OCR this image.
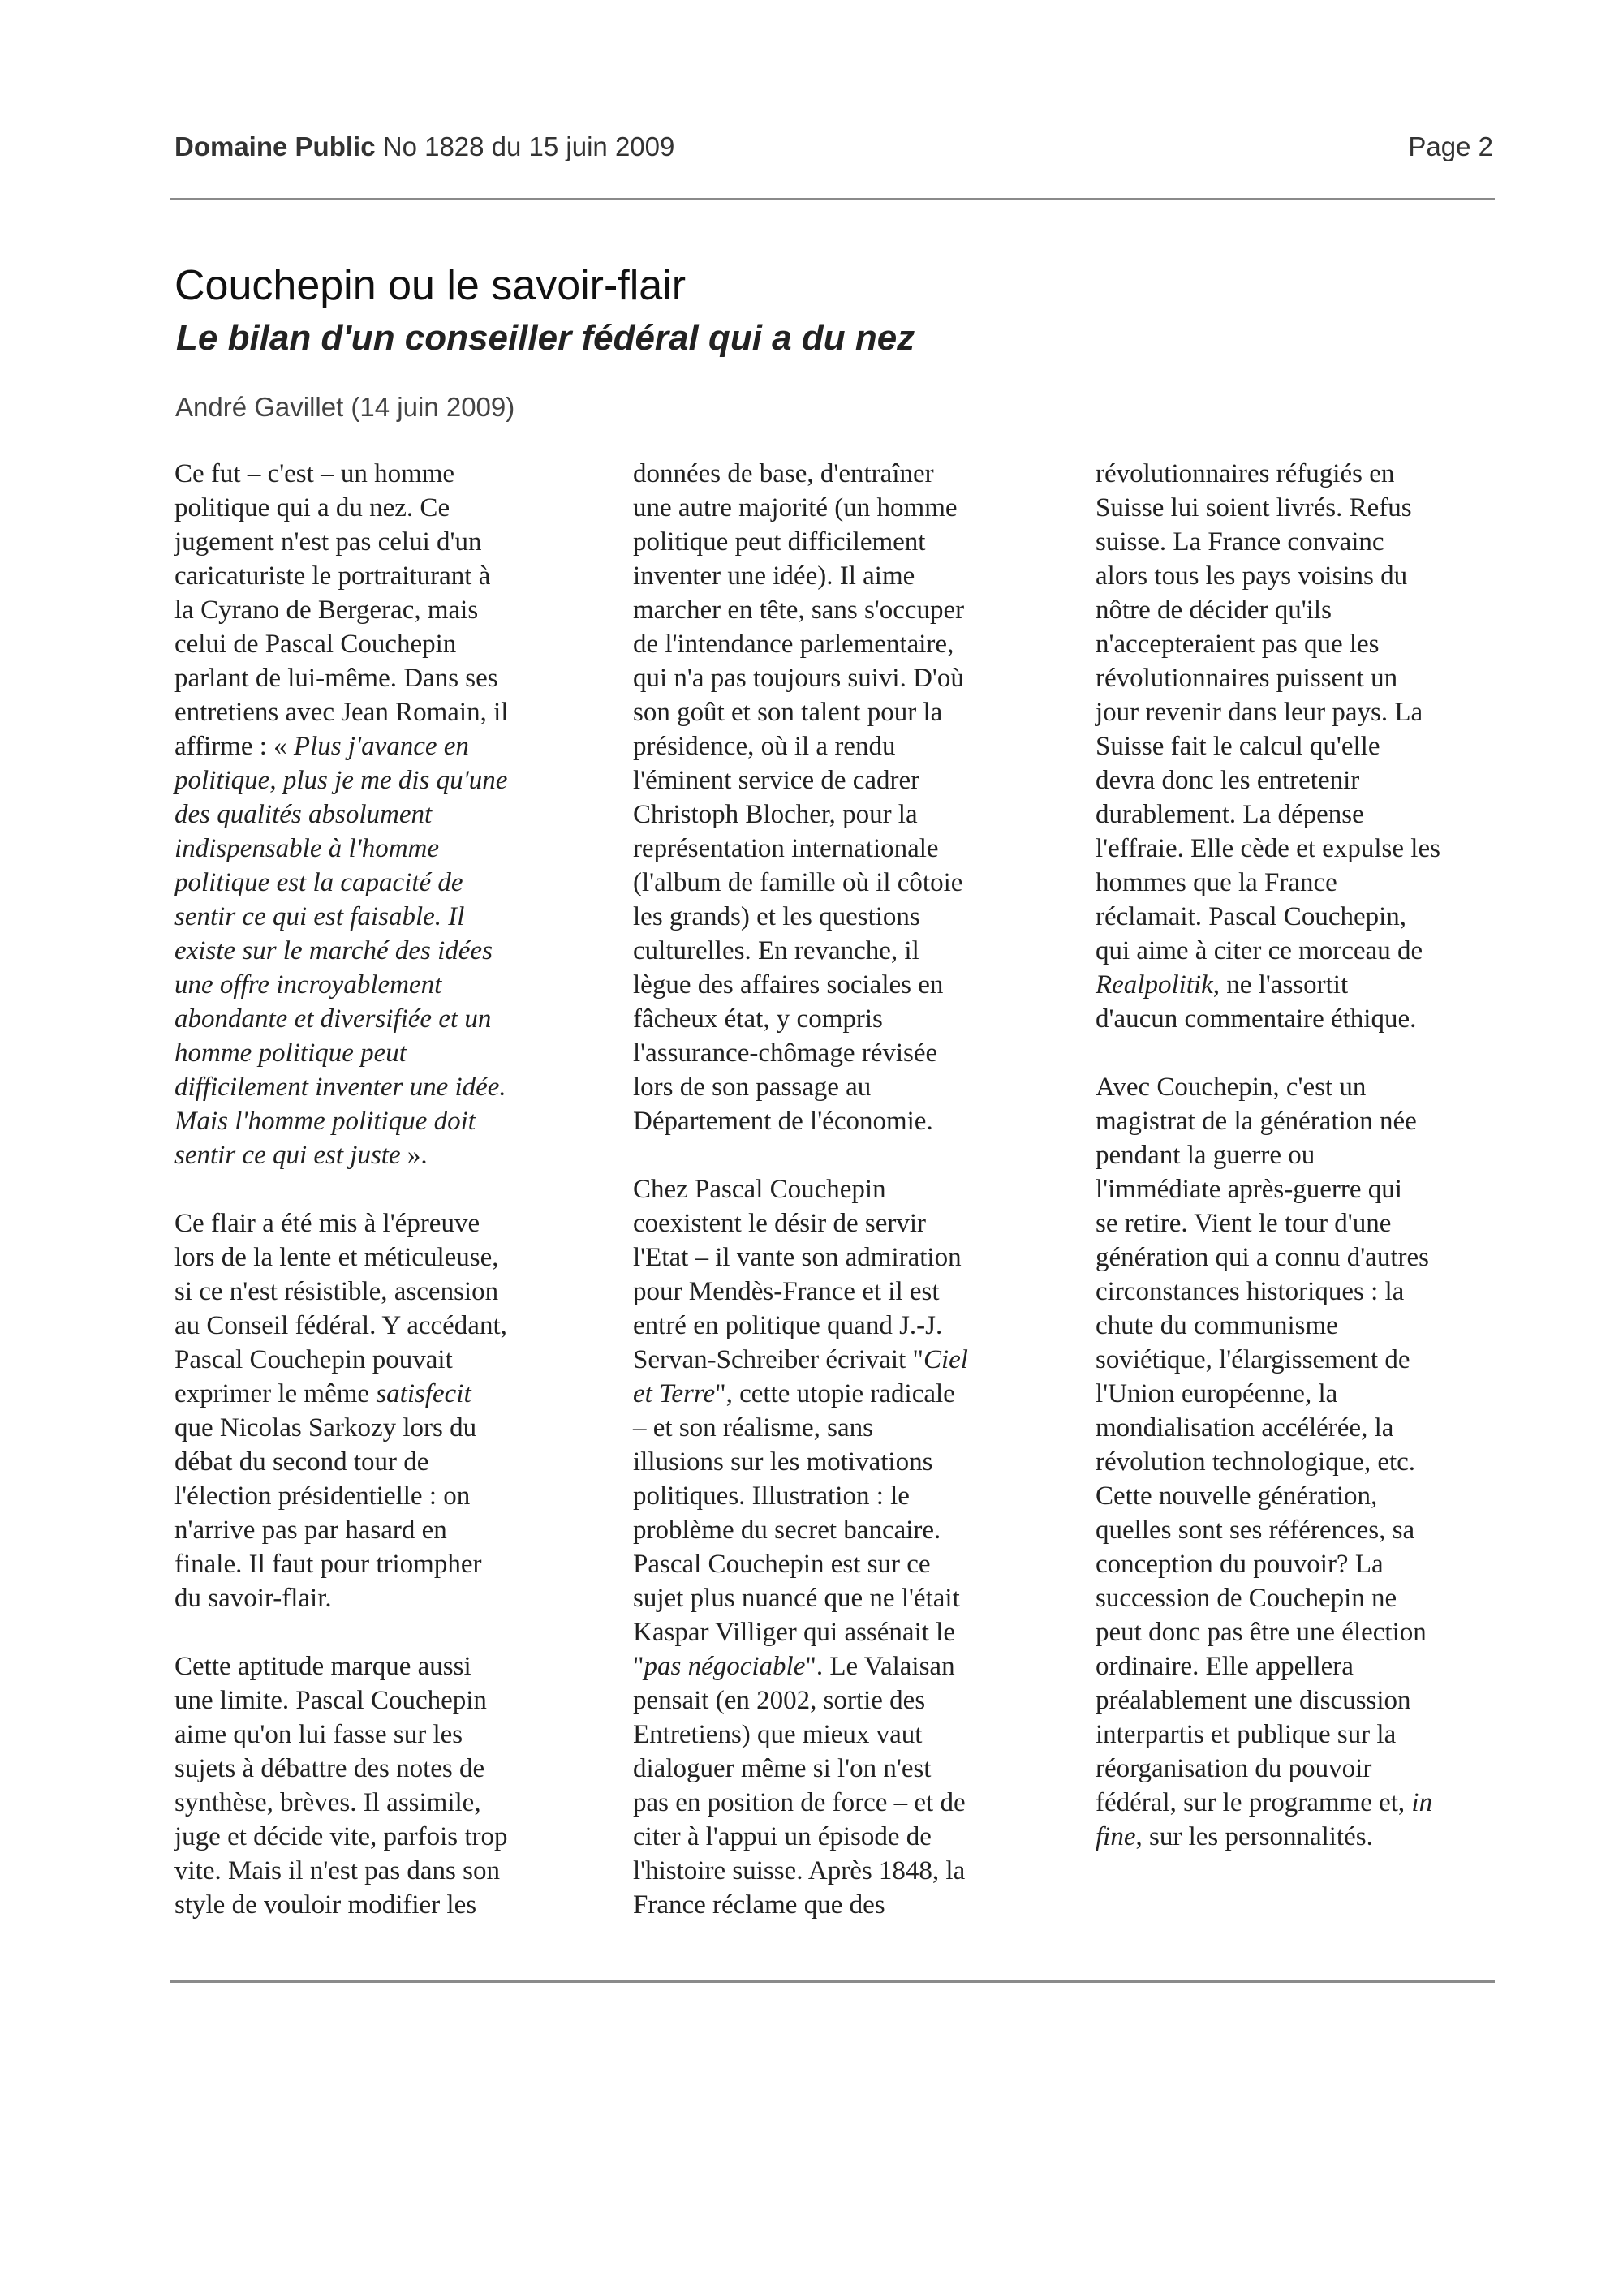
Domaine Public No 1828 du 15 juin 2009	Page 2
Couchepin ou le savoir-flair
Le bilan d'un conseiller fédéral qui a du nez

André Gavillet (14 juin 2009)

Ce fut – c'est – un homme
politique qui a du nez. Ce
jugement n'est pas celui d'un
caricaturiste le portraiturant à
la Cyrano de Bergerac, mais
celui de Pascal Couchepin
parlant de lui-même. Dans ses
entretiens avec Jean Romain, il
affirme : « Plus j'avance en
politique, plus je me dis qu'une
des qualités absolument
indispensable à l'homme
politique est la capacité de
sentir ce qui est faisable. Il
existe sur le marché des idées
une offre incroyablement
abondante et diversifiée et un
homme politique peut
difficilement inventer une idée.
Mais l'homme politique doit
sentir ce qui est juste ».

Ce flair a été mis à l'épreuve
lors de la lente et méticuleuse,
si ce n'est résistible, ascension
au Conseil fédéral. Y accédant,
Pascal Couchepin pouvait
exprimer le même satisfecit
que Nicolas Sarkozy lors du
débat du second tour de
l'élection présidentielle : on
n'arrive pas par hasard en
finale. Il faut pour triompher
du savoir-flair.

Cette aptitude marque aussi
une limite. Pascal Couchepin
aime qu'on lui fasse sur les
sujets à débattre des notes de
synthèse, brèves. Il assimile,
juge et décide vite, parfois trop
vite. Mais il n'est pas dans son
style de vouloir modifier les

données de base, d'entraîner
une autre majorité (un homme
politique peut difficilement
inventer une idée). Il aime
marcher en tête, sans s'occuper
de l'intendance parlementaire,
qui n'a pas toujours suivi. D'où
son goût et son talent pour la
présidence, où il a rendu
l'éminent service de cadrer
Christoph Blocher, pour la
représentation internationale
(l'album de famille où il côtoie
les grands) et les questions
culturelles. En revanche, il
lègue des affaires sociales en
fâcheux état, y compris
l'assurance-chômage révisée
lors de son passage au
Département de l'économie.

Chez Pascal Couchepin
coexistent le désir de servir
l'Etat – il vante son admiration
pour Mendès-France et il est
entré en politique quand J.-J.
Servan-Schreiber écrivait "Ciel
et Terre", cette utopie radicale
– et son réalisme, sans
illusions sur les motivations
politiques. Illustration : le
problème du secret bancaire.
Pascal Couchepin est sur ce
sujet plus nuancé que ne l'était
Kaspar Villiger qui assénait le
"pas négociable". Le Valaisan
pensait (en 2002, sortie des
Entretiens) que mieux vaut
dialoguer même si l'on n'est
pas en position de force – et de
citer à l'appui un épisode de
l'histoire suisse. Après 1848, la
France réclame que des

révolutionnaires réfugiés en
Suisse lui soient livrés. Refus
suisse. La France convainc
alors tous les pays voisins du
nôtre de décider qu'ils
n'accepteraient pas que les
révolutionnaires puissent un
jour revenir dans leur pays. La
Suisse fait le calcul qu'elle
devra donc les entretenir
durablement. La dépense
l'effraie. Elle cède et expulse les
hommes que la France
réclamait. Pascal Couchepin,
qui aime à citer ce morceau de
Realpolitik, ne l'assortit
d'aucun commentaire éthique.

Avec Couchepin, c'est un
magistrat de la génération née
pendant la guerre ou
l'immédiate après-guerre qui
se retire. Vient le tour d'une
génération qui a connu d'autres
circonstances historiques : la
chute du communisme
soviétique, l'élargissement de
l'Union européenne, la
mondialisation accélérée, la
révolution technologique, etc.
Cette nouvelle génération,
quelles sont ses références, sa
conception du pouvoir? La
succession de Couchepin ne
peut donc pas être une élection
ordinaire. Elle appellera
préalablement une discussion
interpartis et publique sur la
réorganisation du pouvoir
fédéral, sur le programme et, in
fine, sur les personnalités.
